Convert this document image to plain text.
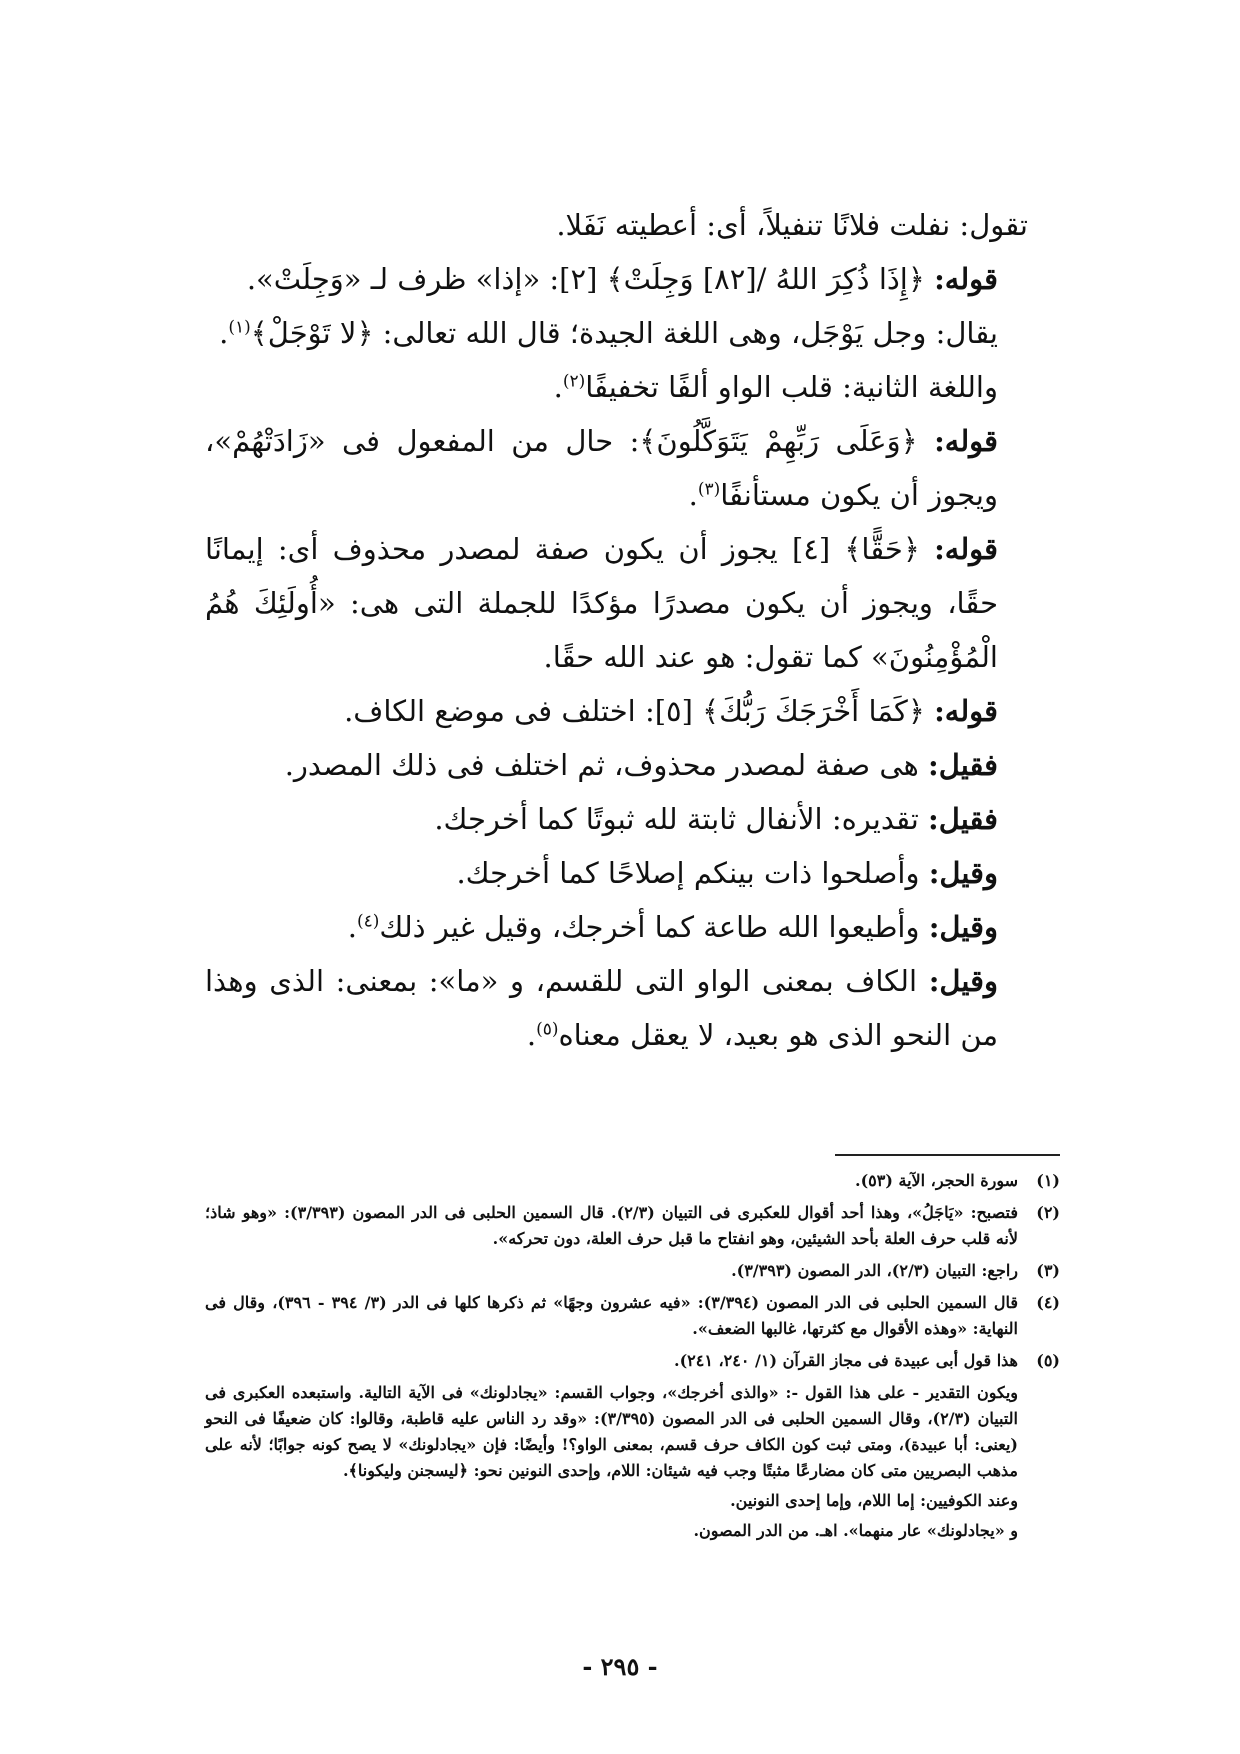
تقول: نفلت فلانًا تنفيلاً، أى: أعطيته نَفَلا.

قوله: ﴿إِذَا ذُكِرَ اللهُ /[٨٢] وَجِلَتْ﴾ [٢]: «إذا» ظرف لـ «وَجِلَتْ».

يقال: وجل يَوْجَل، وهى اللغة الجيدة؛ قال الله تعالى: ﴿لا تَوْجَلْ﴾$^{(١)}$.

واللغة الثانية: قلب الواو ألفًا تخفيفًا$^{(٢)}$.

قوله: ﴿وَعَلَى رَبِّهِمْ يَتَوَكَّلُونَ﴾: حال من المفعول فى «زَادَتْهُمْ»، ويجوز أن يكون مستأنفًا$^{(٣)}$.

قوله: ﴿حَقًّا﴾ [٤] يجوز أن يكون صفة لمصدر محذوف أى: إيمانًا حقًا، ويجوز أن يكون مصدرًا مؤكدًا للجملة التى هى: «أُولَئِكَ هُمُ الْمُؤْمِنُونَ» كما تقول: هو عند الله حقًا.

قوله: ﴿كَمَا أَخْرَجَكَ رَبُّكَ﴾ [٥]: اختلف فى موضع الكاف.

فقيل: هى صفة لمصدر محذوف، ثم اختلف فى ذلك المصدر.

فقيل: تقديره: الأنفال ثابتة لله ثبوتًا كما أخرجك.

وقيل: وأصلحوا ذات بينكم إصلاحًا كما أخرجك.

وقيل: وأطيعوا الله طاعة كما أخرجك، وقيل غير ذلك$^{(٤)}$.

وقيل: الكاف بمعنى الواو التى للقسم، و «ما»: بمعنى: الذى وهذا من النحو الذى هو بعيد، لا يعقل معناه$^{(٥)}$.

(١)
سورة الحجر، الآية (٥٣).
(٢)
فتصبح: «يَاجَلُ»، وهذا أحد أقوال للعكبرى فى التبيان (٢/٣). قال السمين الحلبى فى الدر المصون (٣/٣٩٣): «وهو شاذ؛ لأنه قلب حرف العلة بأحد الشيئين، وهو انفتاح ما قبل حرف العلة، دون تحركه».
(٣)
راجع: التبيان (٢/٣)، الدر المصون (٣/٣٩٣).
(٤)
قال السمين الحلبى فى الدر المصون (٣/٣٩٤): «فيه عشرون وجهًا» ثم ذكرها كلها فى الدر (٣/ ٣٩٤ - ٣٩٦)، وقال فى النهاية: «وهذه الأقوال مع كثرتها، غالبها الضعف».
(٥)
هذا قول أبى عبيدة فى مجاز القرآن (١/ ٢٤٠، ٢٤١).

ويكون التقدير - على هذا القول -: «والذى أخرجك»، وجواب القسم: «يجادلونك» فى الآية التالية. واستبعده العكبرى فى التبيان (٢/٣)، وقال السمين الحلبى فى الدر المصون (٣/٣٩٥): «وقد رد الناس عليه قاطبة، وقالوا: كان ضعيفًا فى النحو (يعنى: أبا عبيدة)، ومتى ثبت كون الكاف حرف قسم، بمعنى الواو؟! وأيضًا: فإن «يجادلونك» لا يصح كونه جوابًا؛ لأنه على مذهب البصريين متى كان مضارعًا مثبتًا وجب فيه شيئان: اللام، وإحدى النونين نحو: ﴿ليسجنن وليكونا﴾.

وعند الكوفيين: إما اللام، وإما إحدى النونين.

و «يجادلونك» عار منهما». اهـ. من الدر المصون.

- ٢٩٥ -
